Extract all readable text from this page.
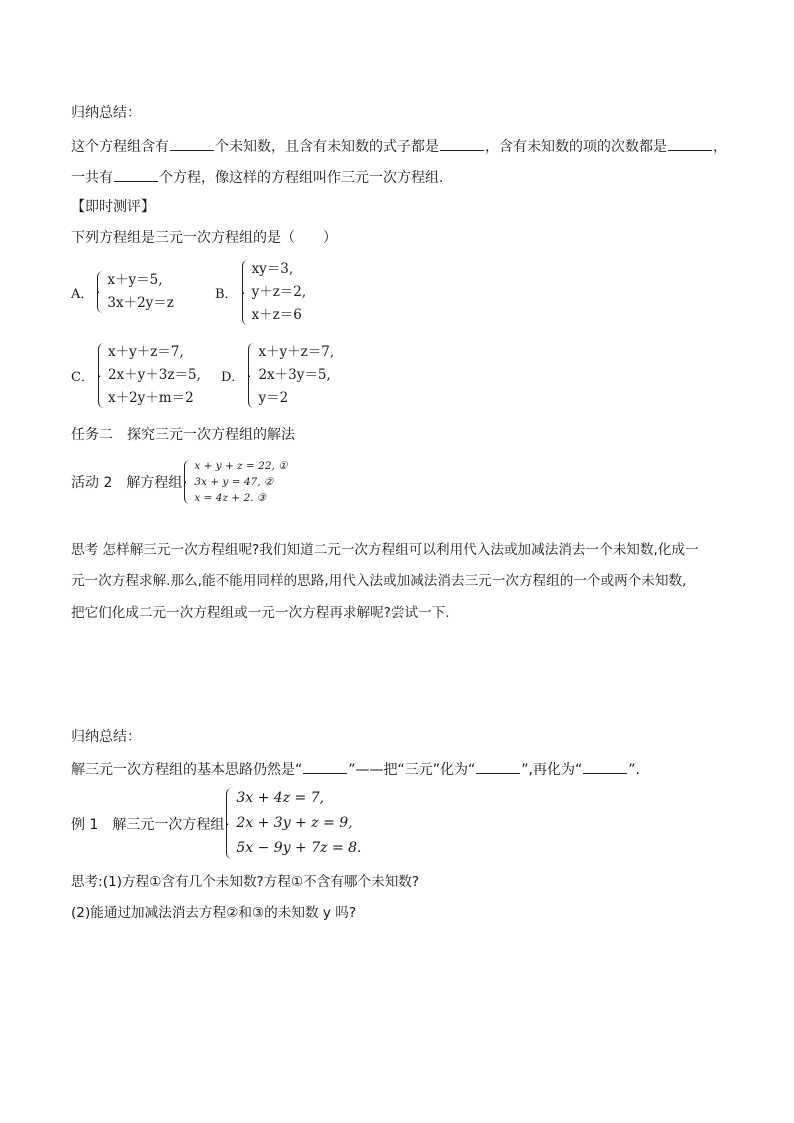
归纳总结：
这个方程组含有	个未知数，且含有未知数的式子都是	，含有未知数的项的次数都是	，
一共有	个方程，像这样的方程组叫作三元一次方程组.
【即时测评】
下列方程组是三元一次方程组的是（　　）
A．
x＋y＝5,
3x＋2y＝z
B．
xy＝3,
y＋z＝2,
x＋z＝6
C．
x＋y＋z＝7,
2x＋y＋3z＝5,
x＋2y＋m＝2
D．
x＋y＋z＝7,
2x＋3y＝5,
y＝2
任务二　探究三元一次方程组的解法
活动 2　解方程组
x + y + z = 22, ①
3x + y = 47, ②
x = 4z + 2. ③
思考 怎样解三元一次方程组呢?我们知道二元一次方程组可以利用代入法或加减法消去一个未知数,化成一
元一次方程求解.那么,能不能用同样的思路,用代入法或加减法消去三元一次方程组的一个或两个未知数,
把它们化成二元一次方程组或一元一次方程再求解呢?尝试一下.
归纳总结：
解三元一次方程组的基本思路仍然是“	”——把“三元”化为“	”,再化为“	”.
例 1　解三元一次方程组
3x + 4z = 7,
2x + 3y + z = 9,
5x − 9y + 7z = 8.
思考:(1)方程①含有几个未知数?方程①不含有哪个未知数?
(2)能通过加减法消去方程②和③的未知数 y 吗?
